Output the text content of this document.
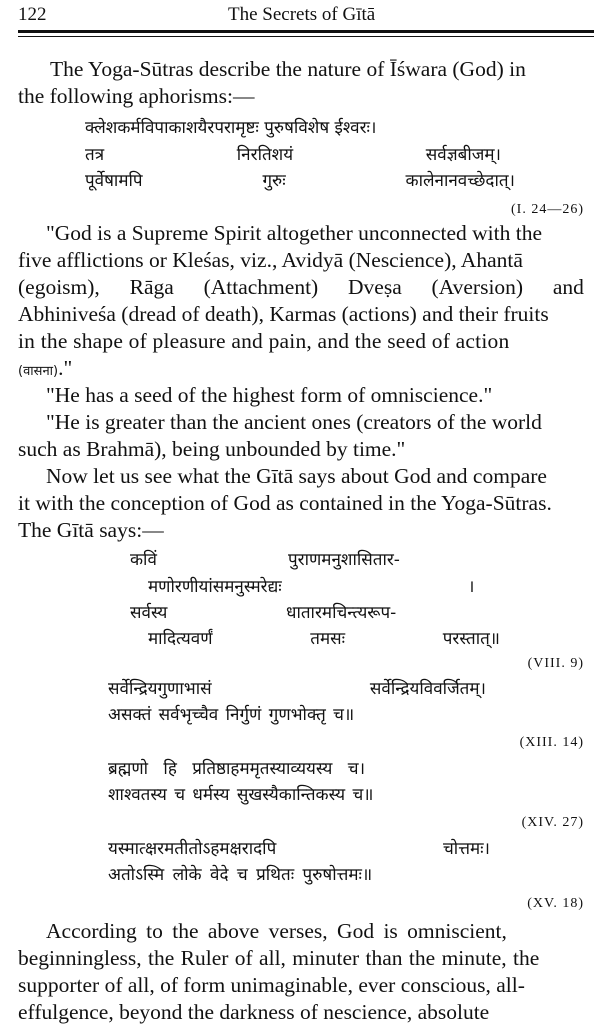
122	The Secrets of Gītā
The Yoga-Sūtras describe the nature of Īśwara (God) in
the following aphorisms:—
क्लेशकर्मविपाकाशयैरपरामृष्टः पुरुषविशेष ईश्वरः।
तत्र	निरतिशयं	सर्वज्ञबीजम्।
पूर्वेषामपि	गुरुः	कालेनानवच्छेदात्।
(I. 24—26)
"God is a Supreme Spirit altogether unconnected with the
five afflictions or Kleśas, viz., Avidyā (Nescience), Ahantā
(egoism), Rāga (Attachment) Dveṣa (Aversion) and
Abhiniveśa (dread of death), Karmas (actions) and their fruits
in the shape of pleasure and pain, and the seed of action
(वासना)."
"He has a seed of the highest form of omniscience."
"He is greater than the ancient ones (creators of the world
such as Brahmā), being unbounded by time."
Now let us see what the Gītā says about God and compare
it with the conception of God as contained in the Yoga-Sūtras.
The Gītā says:—
कविं	पुराणमनुशासितार-
मणोरणीयांसमनुस्मरेद्यः	।
सर्वस्य	धातारमचिन्त्यरूप-
मादित्यवर्णं	तमसः	परस्तात्॥
(VIII. 9)
सर्वेन्द्रियगुणाभासं	सर्वेन्द्रियविवर्जितम्।
असक्तं सर्वभृच्चैव निर्गुणं गुणभोक्तृ च॥
(XIII. 14)
ब्रह्मणो हि प्रतिष्ठाहममृतस्याव्ययस्य च।
शाश्वतस्य च धर्मस्य सुखस्यैकान्तिकस्य च॥
(XIV. 27)
यस्मात्क्षरमतीतोऽहमक्षरादपि	चोत्तमः।
अतोऽस्मि लोके वेदे च प्रथितः पुरुषोत्तमः॥
(XV. 18)
According to the above verses, God is omniscient,
beginningless, the Ruler of all, minuter than the minute, the
supporter of all, of form unimaginable, ever conscious, all-
effulgence, beyond the darkness of nescience, absolute
